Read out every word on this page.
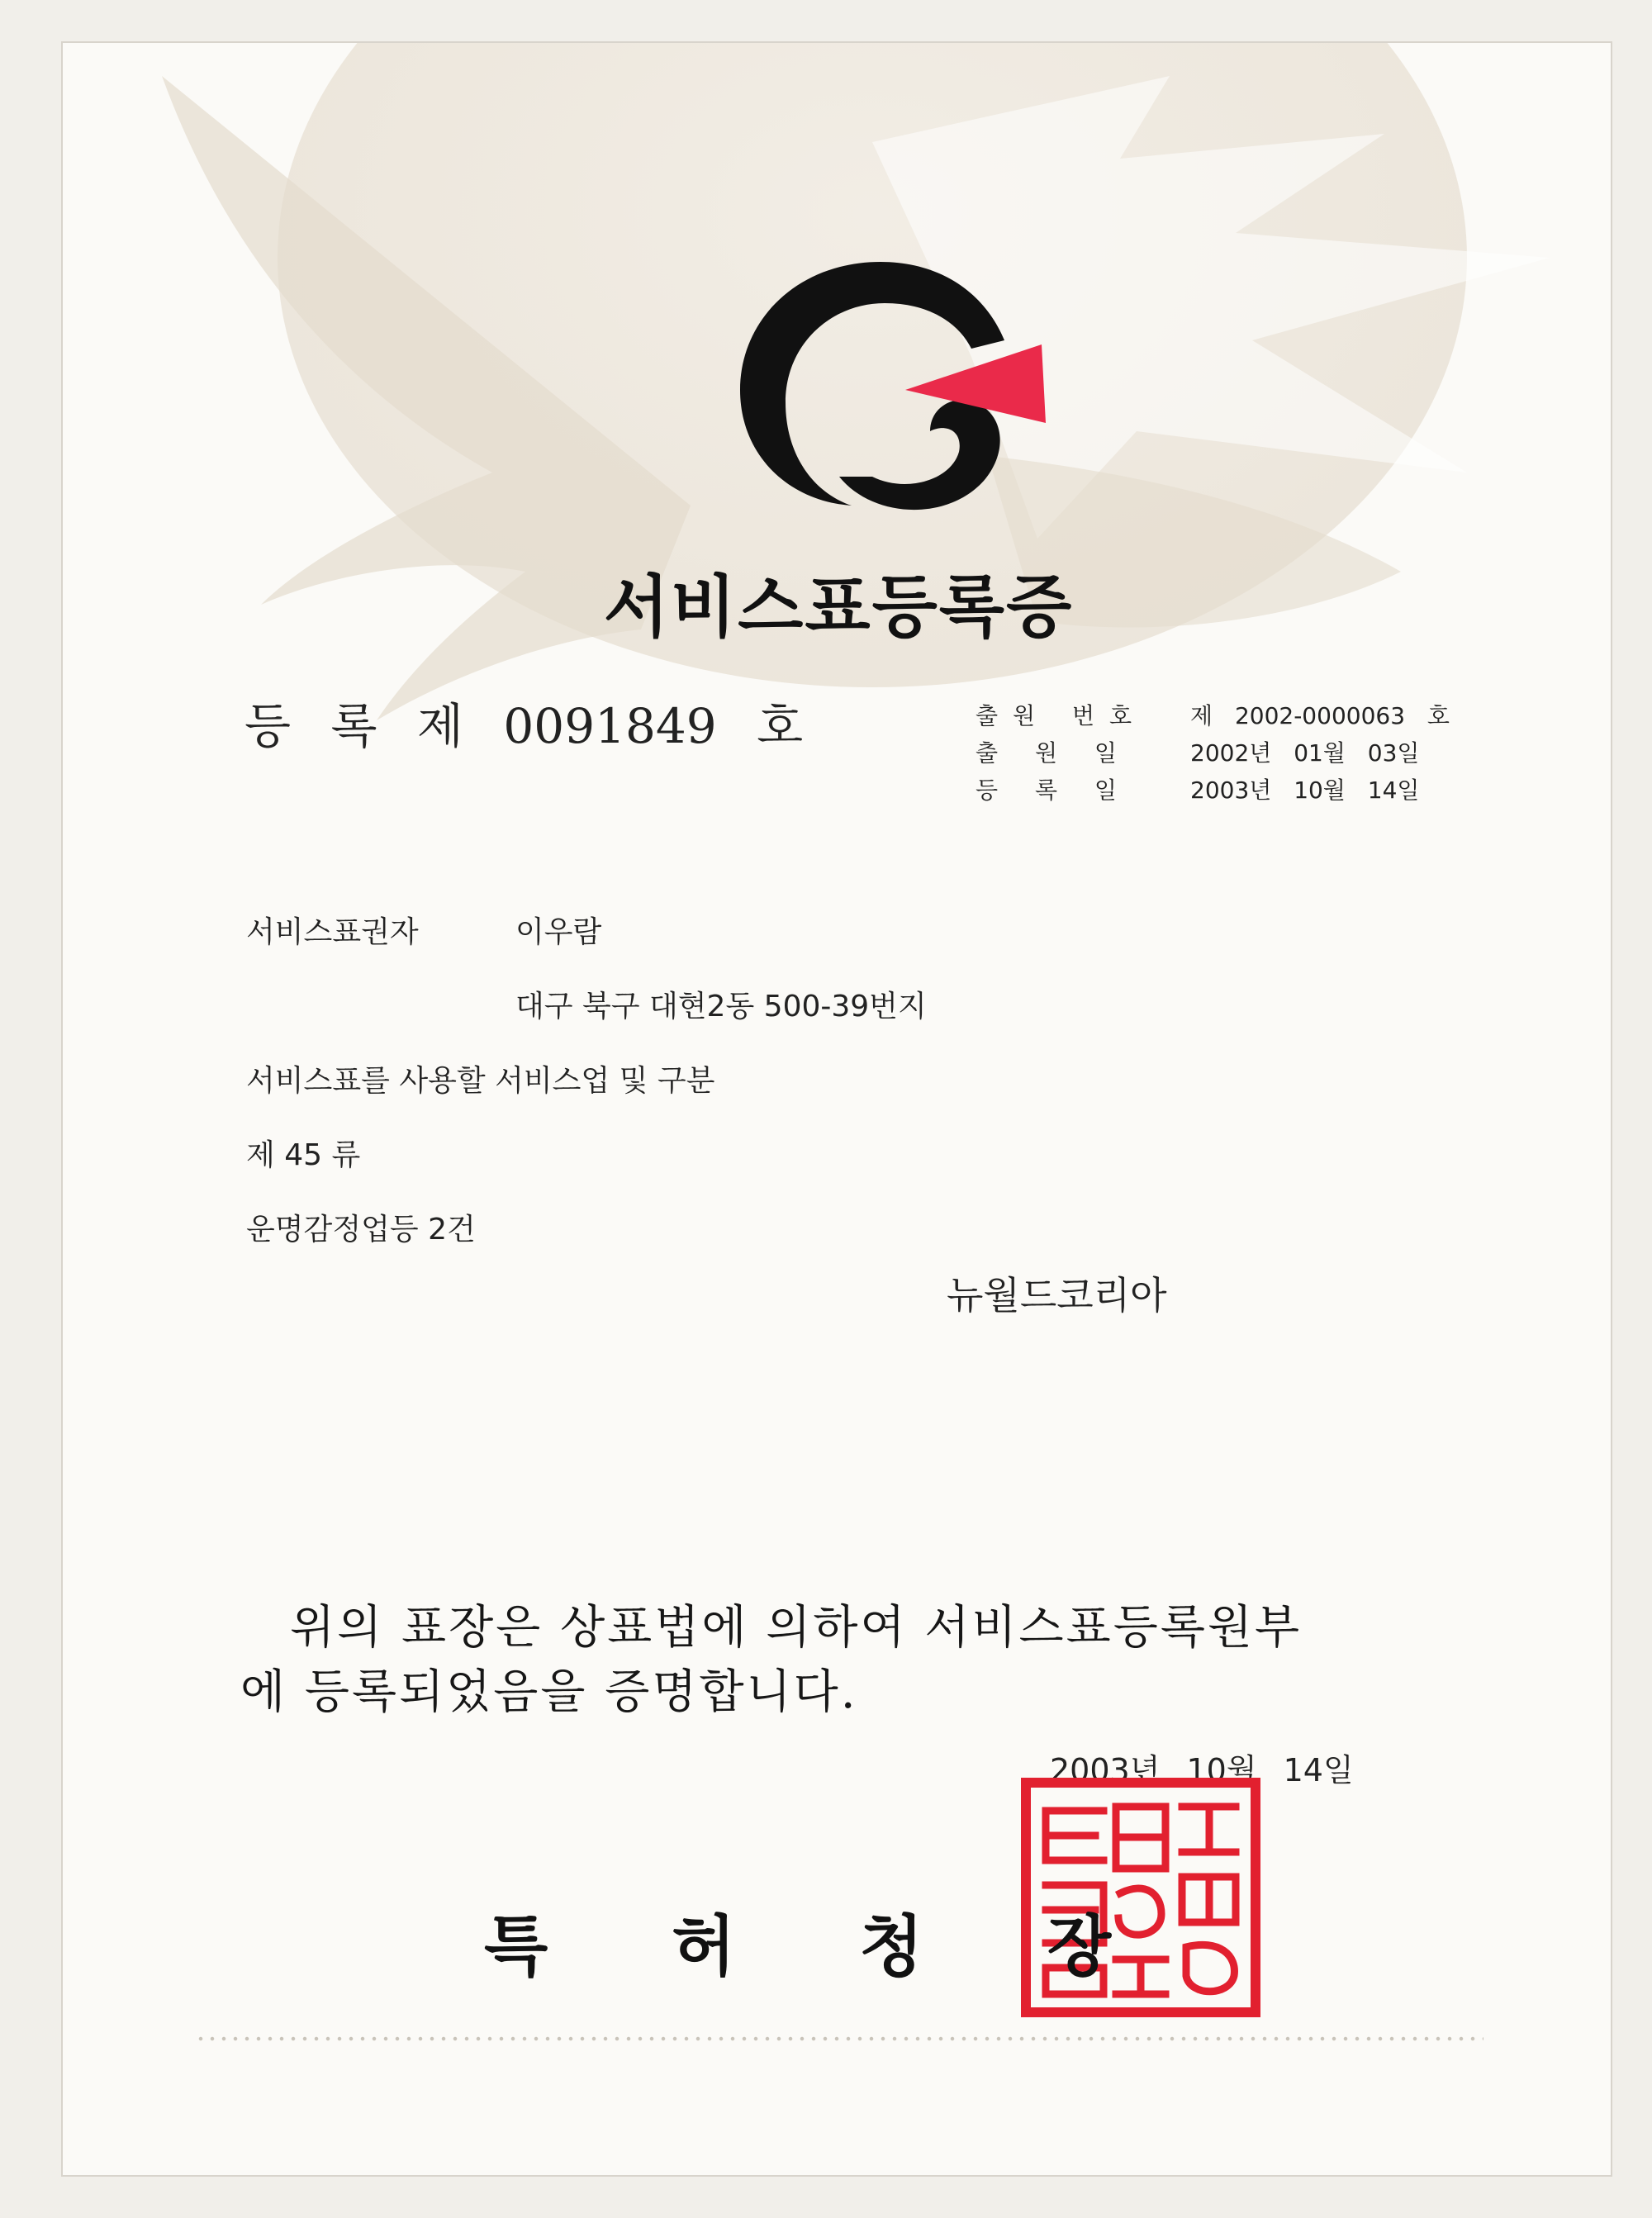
서비스표등록증
등 록 제 0091849 호	출원 번호	제 2002-0000063 호
출 원 일	2002년 01월 03일
등 록 일	2003년 10월 14일
서비스표권자	이우람
대구 북구 대현2동 500-39번지
서비스표를 사용할 서비스업 및 구분
제 45 류
운명감정업등 2건
뉴월드코리아
위의 표장은 상표법에 의하여 서비스표등록원부
에 등록되었음을 증명합니다.
2003년 10월 14일
특허청장
